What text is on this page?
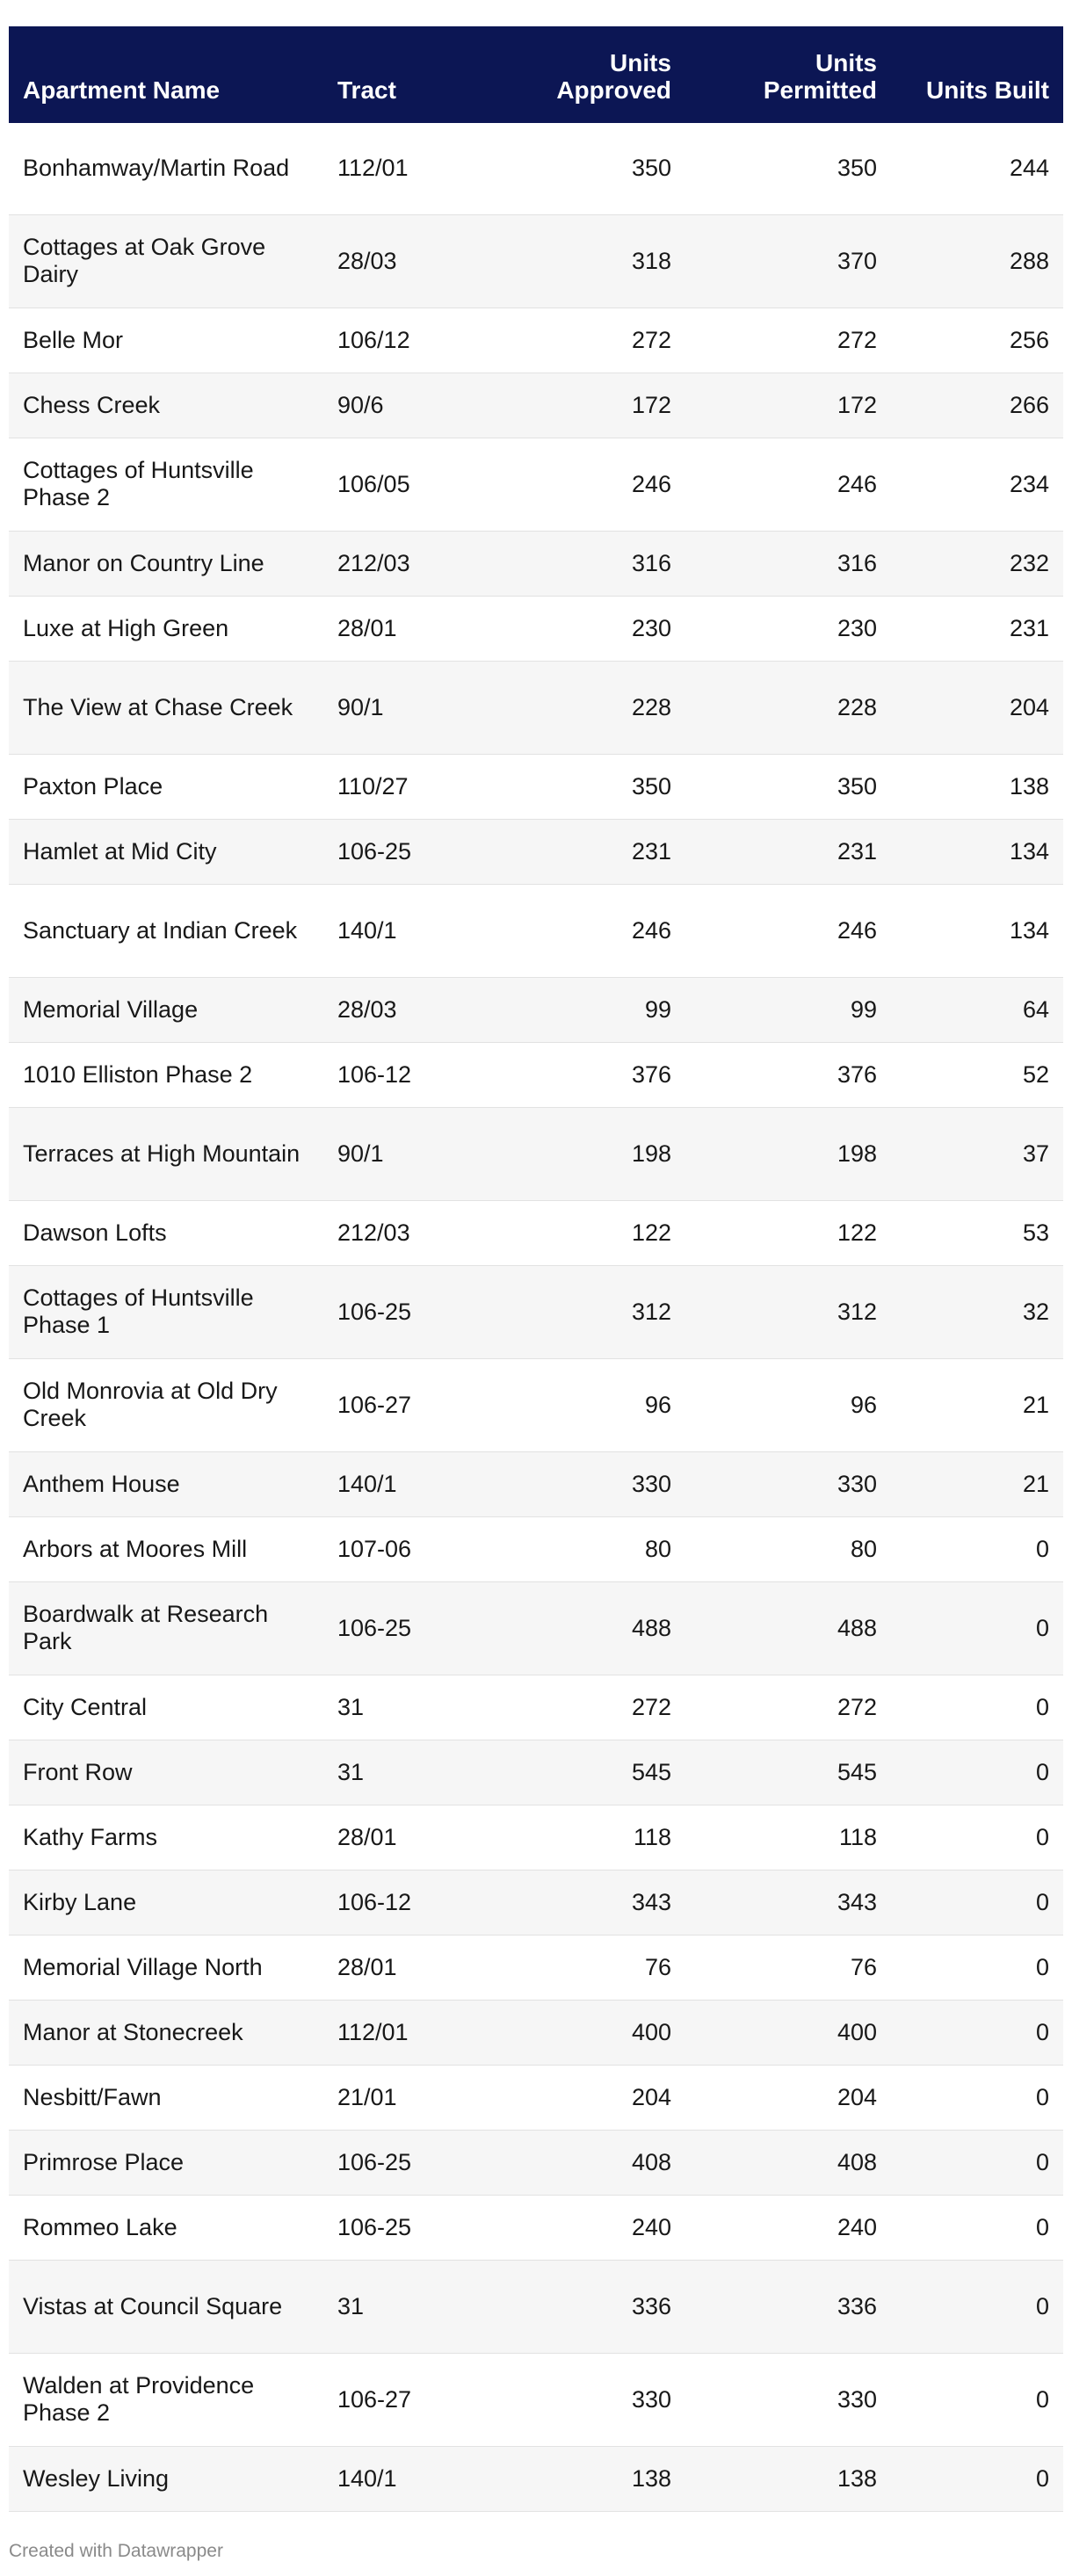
Apartment Name	Tract	Units Approved	Units Permitted	Units Built
Bonhamway/Martin Road	112/01	350	350	244
Cottages at Oak Grove Dairy	28/03	318	370	288
Belle Mor	106/12	272	272	256
Chess Creek	90/6	172	172	266
Cottages of Huntsville Phase 2	106/05	246	246	234
Manor on Country Line	212/03	316	316	232
Luxe at High Green	28/01	230	230	231
The View at Chase Creek	90/1	228	228	204
Paxton Place	110/27	350	350	138
Hamlet at Mid City	106-25	231	231	134
Sanctuary at Indian Creek	140/1	246	246	134
Memorial Village	28/03	99	99	64
1010 Elliston Phase 2	106-12	376	376	52
Terraces at High Mountain	90/1	198	198	37
Dawson Lofts	212/03	122	122	53
Cottages of Huntsville Phase 1	106-25	312	312	32
Old Monrovia at Old Dry Creek	106-27	96	96	21
Anthem House	140/1	330	330	21
Arbors at Moores Mill	107-06	80	80	0
Boardwalk at Research Park	106-25	488	488	0
City Central	31	272	272	0
Front Row	31	545	545	0
Kathy Farms	28/01	118	118	0
Kirby Lane	106-12	343	343	0
Memorial Village North	28/01	76	76	0
Manor at Stonecreek	112/01	400	400	0
Nesbitt/Fawn	21/01	204	204	0
Primrose Place	106-25	408	408	0
Rommeo Lake	106-25	240	240	0
Vistas at Council Square	31	336	336	0
Walden at Providence Phase 2	106-27	330	330	0
Wesley Living	140/1	138	138	0
Created with Datawrapper
